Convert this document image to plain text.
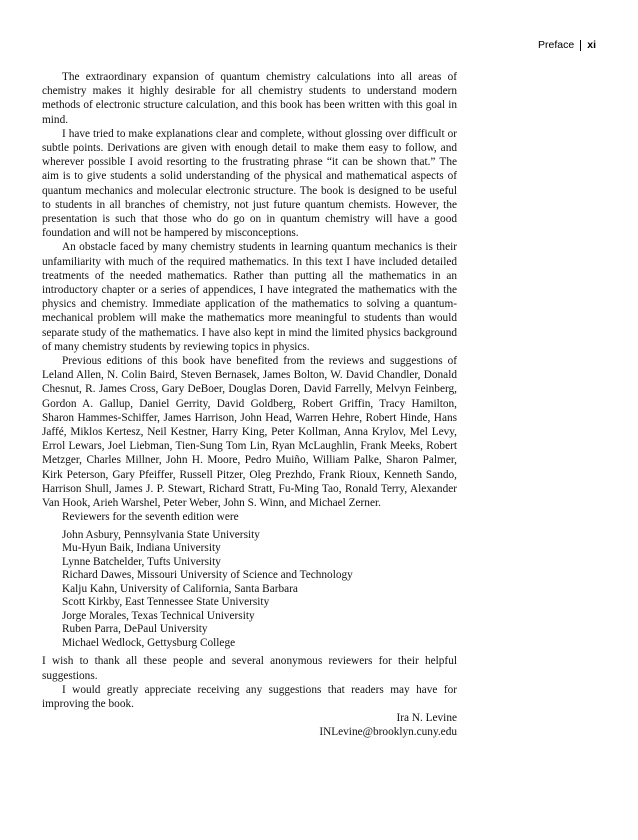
Preface xi

The extraordinary expansion of quantum chemistry calculations into all areas of chemistry makes it highly desirable for all chemistry students to understand modern methods of electronic structure calculation, and this book has been written with this goal in mind.

I have tried to make explanations clear and complete, without glossing over difficult or subtle points. Derivations are given with enough detail to make them easy to follow, and wherever possible I avoid resorting to the frustrating phrase “it can be shown that.” The aim is to give students a solid understanding of the physical and mathematical aspects of quantum mechanics and molecular electronic structure. The book is designed to be useful to students in all branches of chemistry, not just future quantum chemists. However, the presentation is such that those who do go on in quantum chemistry will have a good foundation and will not be hampered by misconceptions.

An obstacle faced by many chemistry students in learning quantum mechanics is their unfamiliarity with much of the required mathematics. In this text I have included detailed treatments of the needed mathematics. Rather than putting all the mathematics in an introductory chapter or a series of appendices, I have integrated the mathematics with the physics and chemistry. Immediate application of the mathematics to solving a quantum-mechanical problem will make the mathematics more meaningful to students than would separate study of the mathematics. I have also kept in mind the limited physics background of many chemistry students by reviewing topics in physics.

Previous editions of this book have benefited from the reviews and suggestions of Leland Allen, N. Colin Baird, Steven Bernasek, James Bolton, W. David Chandler, Donald Chesnut, R. James Cross, Gary DeBoer, Douglas Doren, David Farrelly, Melvyn Feinberg, Gordon A. Gallup, Daniel Gerrity, David Goldberg, Robert Griffin, Tracy Hamilton, Sharon Hammes-Schiffer, James Harrison, John Head, Warren Hehre, Robert Hinde, Hans Jaffé, Miklos Kertesz, Neil Kestner, Harry King, Peter Kollman, Anna Krylov, Mel Levy, Errol Lewars, Joel Liebman, Tien-Sung Tom Lin, Ryan McLaughlin, Frank Meeks, Robert Metzger, Charles Millner, John H. Moore, Pedro Muiño, William Palke, Sharon Palmer, Kirk Peterson, Gary Pfeiffer, Russell Pitzer, Oleg Prezhdo, Frank Rioux, Kenneth Sando, Harrison Shull, James J. P. Stewart, Richard Stratt, Fu-Ming Tao, Ronald Terry, Alexander Van Hook, Arieh Warshel, Peter Weber, John S. Winn, and Michael Zerner.

Reviewers for the seventh edition were

John Asbury, Pennsylvania State University
Mu-Hyun Baik, Indiana University
Lynne Batchelder, Tufts University
Richard Dawes, Missouri University of Science and Technology
Kalju Kahn, University of California, Santa Barbara
Scott Kirkby, East Tennessee State University
Jorge Morales, Texas Technical University
Ruben Parra, DePaul University
Michael Wedlock, Gettysburg College

I wish to thank all these people and several anonymous reviewers for their helpful suggestions.

I would greatly appreciate receiving any suggestions that readers may have for improving the book.

Ira N. Levine
INLevine@brooklyn.cuny.edu
